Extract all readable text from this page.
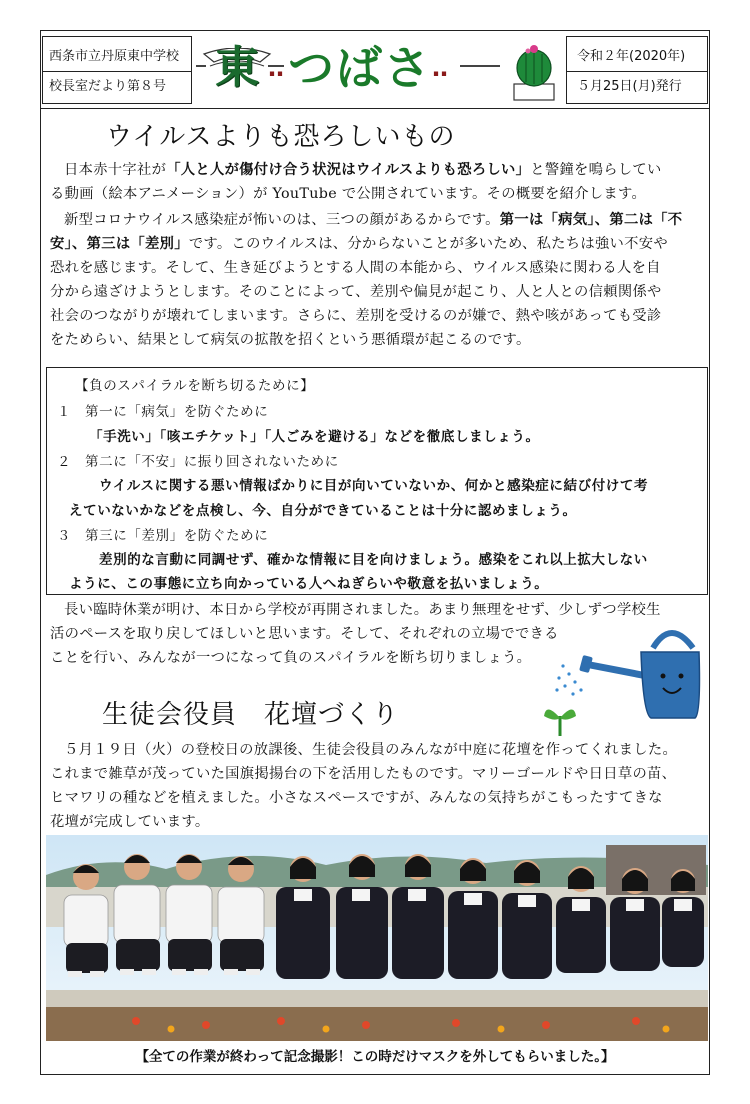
西条市立丹原東中学校
校長室だより第８号 東 ‥ つばさ ‥	令和２年(2020年)
５月25日(月)発行
ウイルスよりも恐ろしいもの
日本赤十字社が「人と人が傷付け合う状況はウイルスよりも恐ろしい」と警鐘を鳴らしてい
る動画（絵本アニメーション）が YouTube で公開されています。その概要を紹介します。
新型コロナウイルス感染症が怖いのは、三つの顔があるからです。第一は「病気」、第二は「不
安」、第三は「差別」です。このウイルスは、分からないことが多いため、私たちは強い不安や
恐れを感じます。そして、生き延びようとする人間の本能から、ウイルス感染に関わる人を自
分から遠ざけようとします。そのことによって、差別や偏見が起こり、人と人との信頼関係や
社会のつながりが壊れてしまいます。さらに、差別を受けるのが嫌で、熱や咳があっても受診
をためらい、結果として病気の拡散を招くという悪循環が起こるのです。
【負のスパイラルを断ち切るために】
１ 第一に「病気」を防ぐために
「手洗い」「咳エチケット」「人ごみを避ける」などを徹底しましょう。
２ 第二に「不安」に振り回されないために
ウイルスに関する悪い情報ばかりに目が向いていないか、何かと感染症に結び付けて考
えていないかなどを点検し、今、自分ができていることは十分に認めましょう。
３ 第三に「差別」を防ぐために
差別的な言動に同調せず、確かな情報に目を向けましょう。感染をこれ以上拡大しない
ように、この事態に立ち向かっている人へねぎらいや敬意を払いましょう。
長い臨時休業が明け、本日から学校が再開されました。あまり無理をせず、少しずつ学校生
活のペースを取り戻してほしいと思います。そして、それぞれの立場でできる
ことを行い、みんなが一つになって負のスパイラルを断ち切りましょう。
生徒会役員　花壇づくり
５月１９日（火）の登校日の放課後、生徒会役員のみんなが中庭に花壇を作ってくれました。
これまで雑草が茂っていた国旗掲揚台の下を活用したものです。マリーゴールドや日日草の苗、
ヒマワリの種などを植えました。小さなスペースですが、みんなの気持ちがこもったすてきな
花壇が完成しています。
【全ての作業が終わって記念撮影！この時だけマスクを外してもらいました。】
